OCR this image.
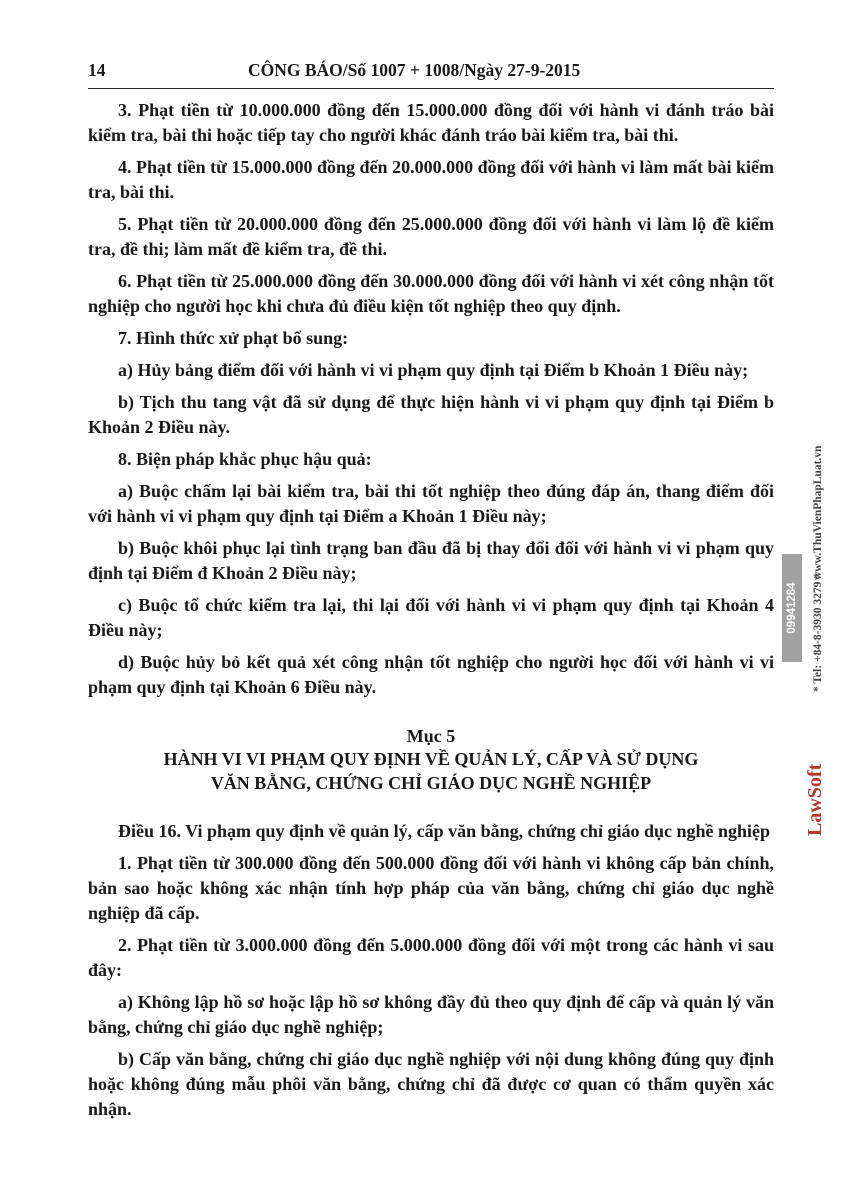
14	CÔNG BÁO/Số 1007 + 1008/Ngày 27-9-2015

3. Phạt tiền từ 10.000.000 đồng đến 15.000.000 đồng đối với hành vi đánh tráo bài kiểm tra, bài thi hoặc tiếp tay cho người khác đánh tráo bài kiểm tra, bài thi.

4. Phạt tiền từ 15.000.000 đồng đến 20.000.000 đồng đối với hành vi làm mất bài kiểm tra, bài thi.

5. Phạt tiền từ 20.000.000 đồng đến 25.000.000 đồng đối với hành vi làm lộ đề kiểm tra, đề thi; làm mất đề kiểm tra, đề thi.

6. Phạt tiền từ 25.000.000 đồng đến 30.000.000 đồng đối với hành vi xét công nhận tốt nghiệp cho người học khi chưa đủ điều kiện tốt nghiệp theo quy định.

7. Hình thức xử phạt bổ sung:

a) Hủy bảng điểm đối với hành vi vi phạm quy định tại Điểm b Khoản 1 Điều này;

b) Tịch thu tang vật đã sử dụng để thực hiện hành vi vi phạm quy định tại Điểm b Khoản 2 Điều này.

8. Biện pháp khắc phục hậu quả:

a) Buộc chấm lại bài kiểm tra, bài thi tốt nghiệp theo đúng đáp án, thang điểm đối với hành vi vi phạm quy định tại Điểm a Khoản 1 Điều này;

b) Buộc khôi phục lại tình trạng ban đầu đã bị thay đổi đối với hành vi vi phạm quy định tại Điểm đ Khoản 2 Điều này;

c) Buộc tổ chức kiểm tra lại, thi lại đối với hành vi vi phạm quy định tại Khoản 4 Điều này;

d) Buộc hủy bỏ kết quả xét công nhận tốt nghiệp cho người học đối với hành vi vi phạm quy định tại Khoản 6 Điều này.

Mục 5
HÀNH VI VI PHẠM QUY ĐỊNH VỀ QUẢN LÝ, CẤP VÀ SỬ DỤNG
VĂN BẰNG, CHỨNG CHỈ GIÁO DỤC NGHỀ NGHIỆP

Điều 16. Vi phạm quy định về quản lý, cấp văn bằng, chứng chỉ giáo dục nghề nghiệp

1. Phạt tiền từ 300.000 đồng đến 500.000 đồng đối với hành vi không cấp bản chính, bản sao hoặc không xác nhận tính hợp pháp của văn bằng, chứng chỉ giáo dục nghề nghiệp đã cấp.

2. Phạt tiền từ 3.000.000 đồng đến 5.000.000 đồng đối với một trong các hành vi sau đây:

a) Không lập hồ sơ hoặc lập hồ sơ không đầy đủ theo quy định để cấp và quản lý văn bằng, chứng chỉ giáo dục nghề nghiệp;

b) Cấp văn bằng, chứng chỉ giáo dục nghề nghiệp với nội dung không đúng quy định hoặc không đúng mẫu phôi văn bằng, chứng chỉ đã được cơ quan có thẩm quyền xác nhận.

LawSoft
* Tel: +84-8-3930 3279 *
09941284
www.ThuVienPhapLuat.vn
